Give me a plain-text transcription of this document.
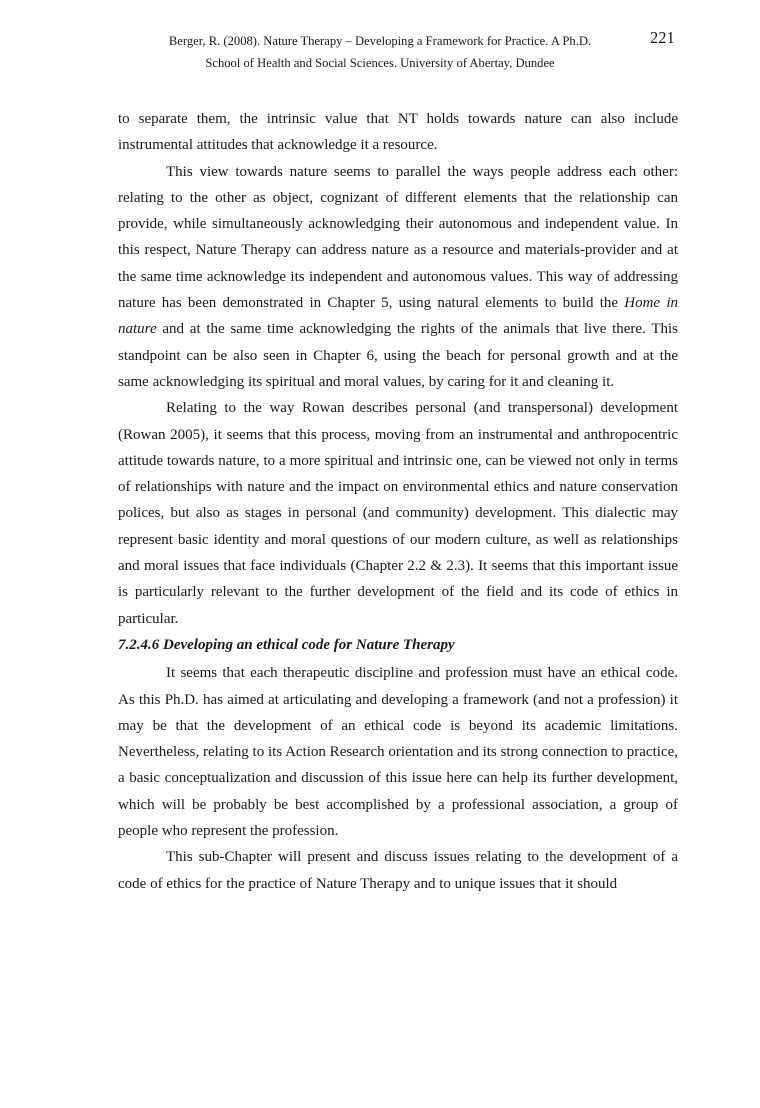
Berger, R. (2008). Nature Therapy – Developing a Framework for Practice. A Ph.D.	221
School of Health and Social Sciences. University of Abertay, Dundee

to separate them, the intrinsic value that NT holds towards nature can also include instrumental attitudes that acknowledge it a resource.

This view towards nature seems to parallel the ways people address each other: relating to the other as object, cognizant of different elements that the relationship can provide, while simultaneously acknowledging their autonomous and independent value. In this respect, Nature Therapy can address nature as a resource and materials-provider and at the same time acknowledge its independent and autonomous values. This way of addressing nature has been demonstrated in Chapter 5, using natural elements to build the Home in nature and at the same time acknowledging the rights of the animals that live there. This standpoint can be also seen in Chapter 6, using the beach for personal growth and at the same acknowledging its spiritual and moral values, by caring for it and cleaning it.

Relating to the way Rowan describes personal (and transpersonal) development (Rowan 2005), it seems that this process, moving from an instrumental and anthropocentric attitude towards nature, to a more spiritual and intrinsic one, can be viewed not only in terms of relationships with nature and the impact on environmental ethics and nature conservation polices, but also as stages in personal (and community) development. This dialectic may represent basic identity and moral questions of our modern culture, as well as relationships and moral issues that face individuals (Chapter 2.2 & 2.3). It seems that this important issue is particularly relevant to the further development of the field and its code of ethics in particular.

7.2.4.6 Developing an ethical code for Nature Therapy

It seems that each therapeutic discipline and profession must have an ethical code. As this Ph.D. has aimed at articulating and developing a framework (and not a profession) it may be that the development of an ethical code is beyond its academic limitations. Nevertheless, relating to its Action Research orientation and its strong connection to practice, a basic conceptualization and discussion of this issue here can help its further development, which will be probably be best accomplished by a professional association, a group of people who represent the profession.

This sub-Chapter will present and discuss issues relating to the development of a code of ethics for the practice of Nature Therapy and to unique issues that it should
